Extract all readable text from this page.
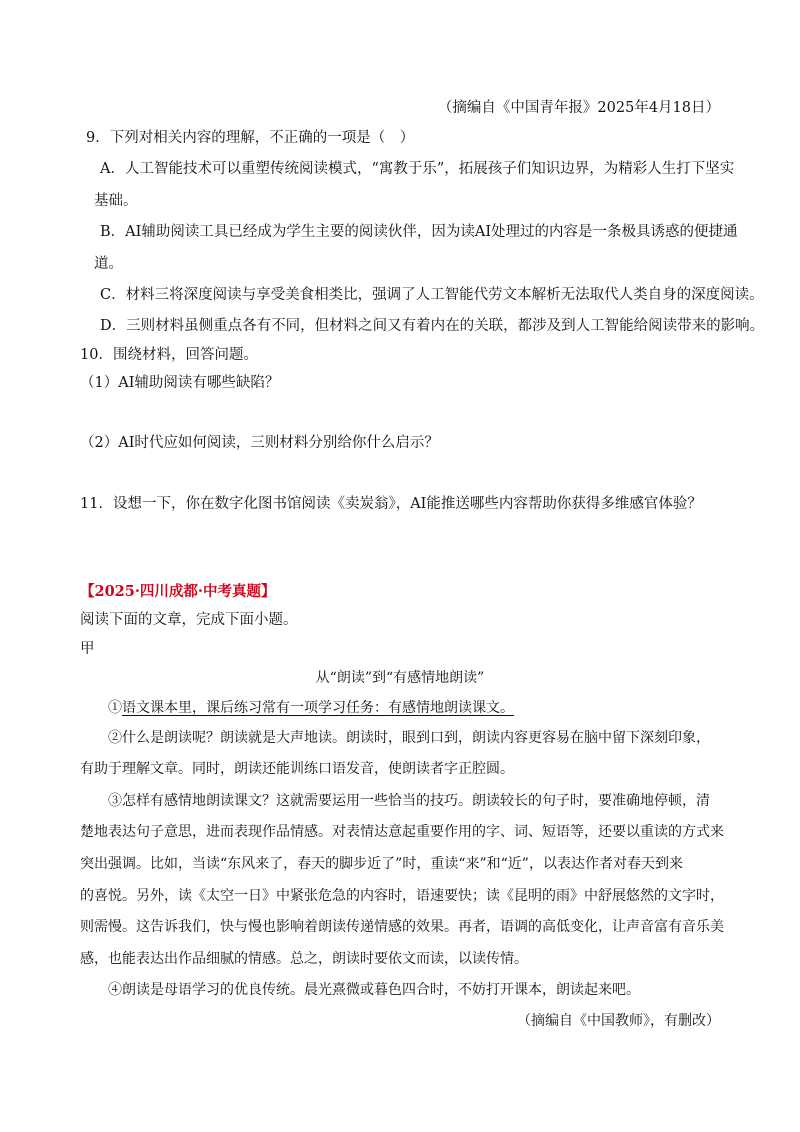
（摘编自《中国青年报》2025年4月18日）
9．下列对相关内容的理解，不正确的一项是（　）
A．人工智能技术可以重塑传统阅读模式，“寓教于乐”，拓展孩子们知识边界，为精彩人生打下坚实
基础。
B．AI辅助阅读工具已经成为学生主要的阅读伙伴，因为读AI处理过的内容是一条极具诱惑的便捷通
道。
C．材料三将深度阅读与享受美食相类比，强调了人工智能代劳文本解析无法取代人类自身的深度阅读。
D．三则材料虽侧重点各有不同，但材料之间又有着内在的关联，都涉及到人工智能给阅读带来的影响。
10．围绕材料，回答问题。
（1）AI辅助阅读有哪些缺陷？
（2）AI时代应如何阅读，三则材料分别给你什么启示？
11．设想一下，你在数字化图书馆阅读《卖炭翁》，AI能推送哪些内容帮助你获得多维感官体验？
【2025·四川成都·中考真题】
阅读下面的文章，完成下面小题。
甲
从“朗读”到“有感情地朗读”
①语文课本里，课后练习常有一项学习任务：有感情地朗读课文。
②什么是朗读呢？朗读就是大声地读。朗读时，眼到口到，朗读内容更容易在脑中留下深刻印象，
有助于理解文章。同时，朗读还能训练口语发音，使朗读者字正腔圆。
③怎样有感情地朗读课文？这就需要运用一些恰当的技巧。朗读较长的句子时，要准确地停顿，清
楚地表达句子意思，进而表现作品情感。对表情达意起重要作用的字、词、短语等，还要以重读的方式来
突出强调。比如，当读“东风来了，春天的脚步近了”时，重读“来”和“近”，以表达作者对春天到来
的喜悦。另外，读《太空一日》中紧张危急的内容时，语速要快；读《昆明的雨》中舒展悠然的文字时，
则需慢。这告诉我们，快与慢也影响着朗读传递情感的效果。再者，语调的高低变化，让声音富有音乐美
感，也能表达出作品细腻的情感。总之，朗读时要依文而读，以读传情。
④朗读是母语学习的优良传统。晨光熹微或暮色四合时，不妨打开课本，朗读起来吧。
（摘编自《中国教师》，有删改）
